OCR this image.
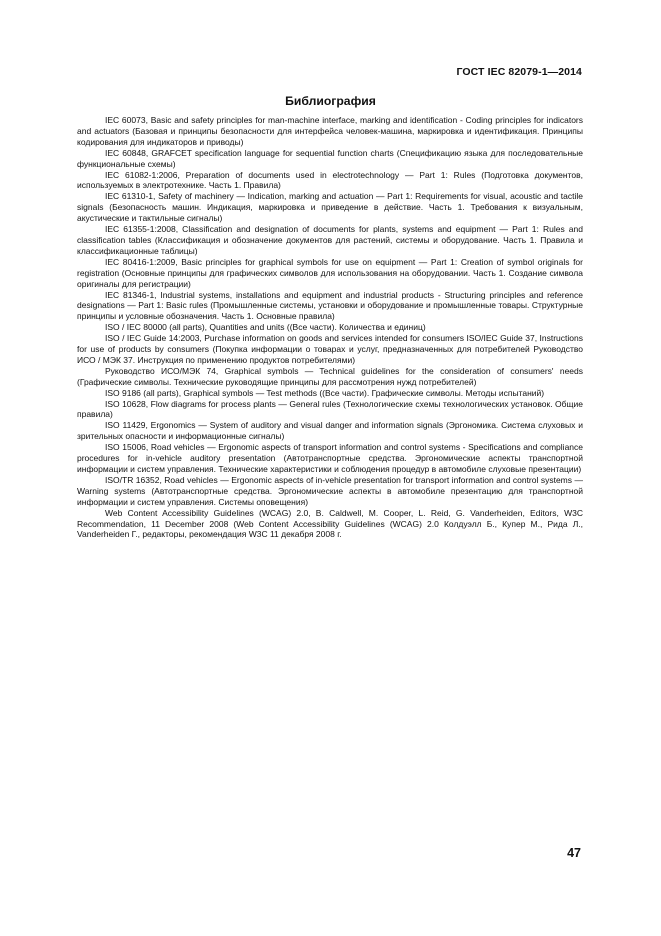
ГОСТ IEC 82079-1—2014
Библиография

IEC 60073, Basic and safety principles for man-machine interface, marking and identification - Coding principles for indicators and actuators (Базовая и принципы безопасности для интерфейса человек-машина, маркировка и идентификация. Принципы кодирования для индикаторов и приводы)

IEC 60848, GRAFCET specification language for sequential function charts (Спецификацию языка для последовательные функциональные схемы)

IEC 61082-1:2006, Preparation of documents used in electrotechnology — Part 1: Rules (Подготовка документов, используемых в электротехнике. Часть 1. Правила)

IEC 61310-1, Safety of machinery — Indication, marking and actuation — Part 1: Requirements for visual, acoustic and tactile signals (Безопасность машин. Индикация, маркировка и приведение в действие. Часть 1. Требования к визуальным, акустические и тактильные сигналы)

IEC 61355-1:2008, Classification and designation of documents for plants, systems and equipment — Part 1: Rules and classification tables (Классификация и обозначение документов для растений, системы и оборудование. Часть 1. Правила и классификационные таблицы)

IEC 80416-1:2009, Basic principles for graphical symbols for use on equipment — Part 1: Creation of symbol originals for registration (Основные принципы для графических символов для использования на оборудовании. Часть 1. Создание символа оригиналы для регистрации)

IEC 81346-1, Industrial systems, installations and equipment and industrial products - Structuring principles and reference designations — Part 1: Basic rules (Промышленные системы, установки и оборудование и промышленные товары. Структурные принципы и условные обозначения. Часть 1. Основные правила)

ISO / IEC 80000 (all parts), Quantities and units ((Все части). Количества и единиц)

ISO / IEC Guide 14:2003, Purchase information on goods and services intended for consumers ISO/IEC Guide 37, Instructions for use of products by consumers (Покупка информации о товарах и услуг, предназначенных для потребителей Руководство ИСО / МЭК 37. Инструкция по применению продуктов потребителями)

Руководство ИСО/МЭК 74, Graphical symbols — Technical guidelines for the consideration of consumers' needs (Графические символы. Технические руководящие принципы для рассмотрения нужд потребителей)

ISO 9186 (all parts), Graphical symbols — Test methods ((Все части). Графические символы. Методы испытаний)

ISO 10628, Flow diagrams for process plants — General rules (Технологические схемы технологических установок. Общие правила)

ISO 11429, Ergonomics — System of auditory and visual danger and information signals (Эргономика. Система слуховых и зрительных опасности и информационные сигналы)

ISO 15006, Road vehicles — Ergonomic aspects of transport information and control systems - Specifications and compliance procedures for in-vehicle auditory presentation (Автотранспортные средства. Эргономические аспекты транспортной информации и систем управления. Технические характеристики и соблюдения процедур в автомобиле слуховые презентации)

ISO/TR 16352, Road vehicles — Ergonomic aspects of in-vehicle presentation for transport information and control systems — Warning systems (Автотранспортные средства. Эргономические аспекты в автомобиле презентацию для транспортной информации и систем управления. Системы оповещения)

Web Content Accessibility Guidelines (WCAG) 2.0, B. Caldwell, M. Cooper, L. Reid, G. Vanderheiden, Editors, W3C Recommendation, 11 December 2008 (Web Content Accessibility Guidelines (WCAG) 2.0 Колдуэлл Б., Купер М., Рида Л., Vanderheiden Г., редакторы, рекомендация W3C 11 декабря 2008 г.

47
